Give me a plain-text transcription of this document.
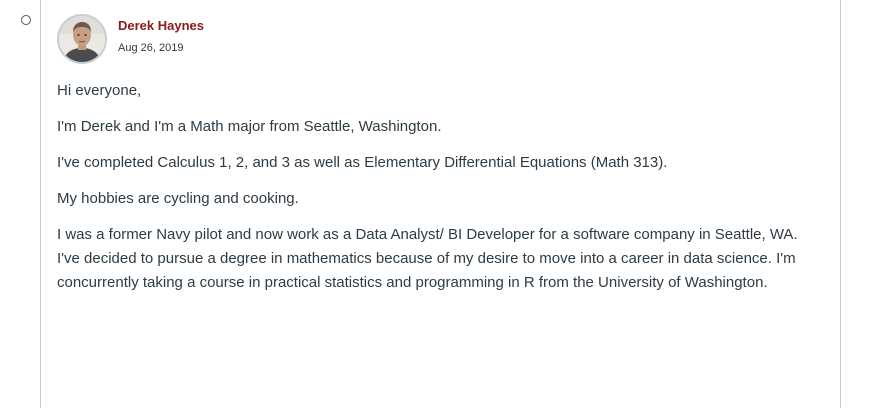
Derek Haynes
Aug 26, 2019

Hi everyone,

I'm Derek and I'm a Math major from Seattle, Washington.

I've completed Calculus 1, 2, and 3 as well as Elementary Differential Equations (Math 313).

My hobbies are cycling and cooking.

I was a former Navy pilot and now work as a Data Analyst/ BI Developer for a software company in Seattle, WA. I've decided to pursue a degree in mathematics because of my desire to move into a career in data science. I'm concurrently taking a course in practical statistics and programming in R from the University of Washington.
